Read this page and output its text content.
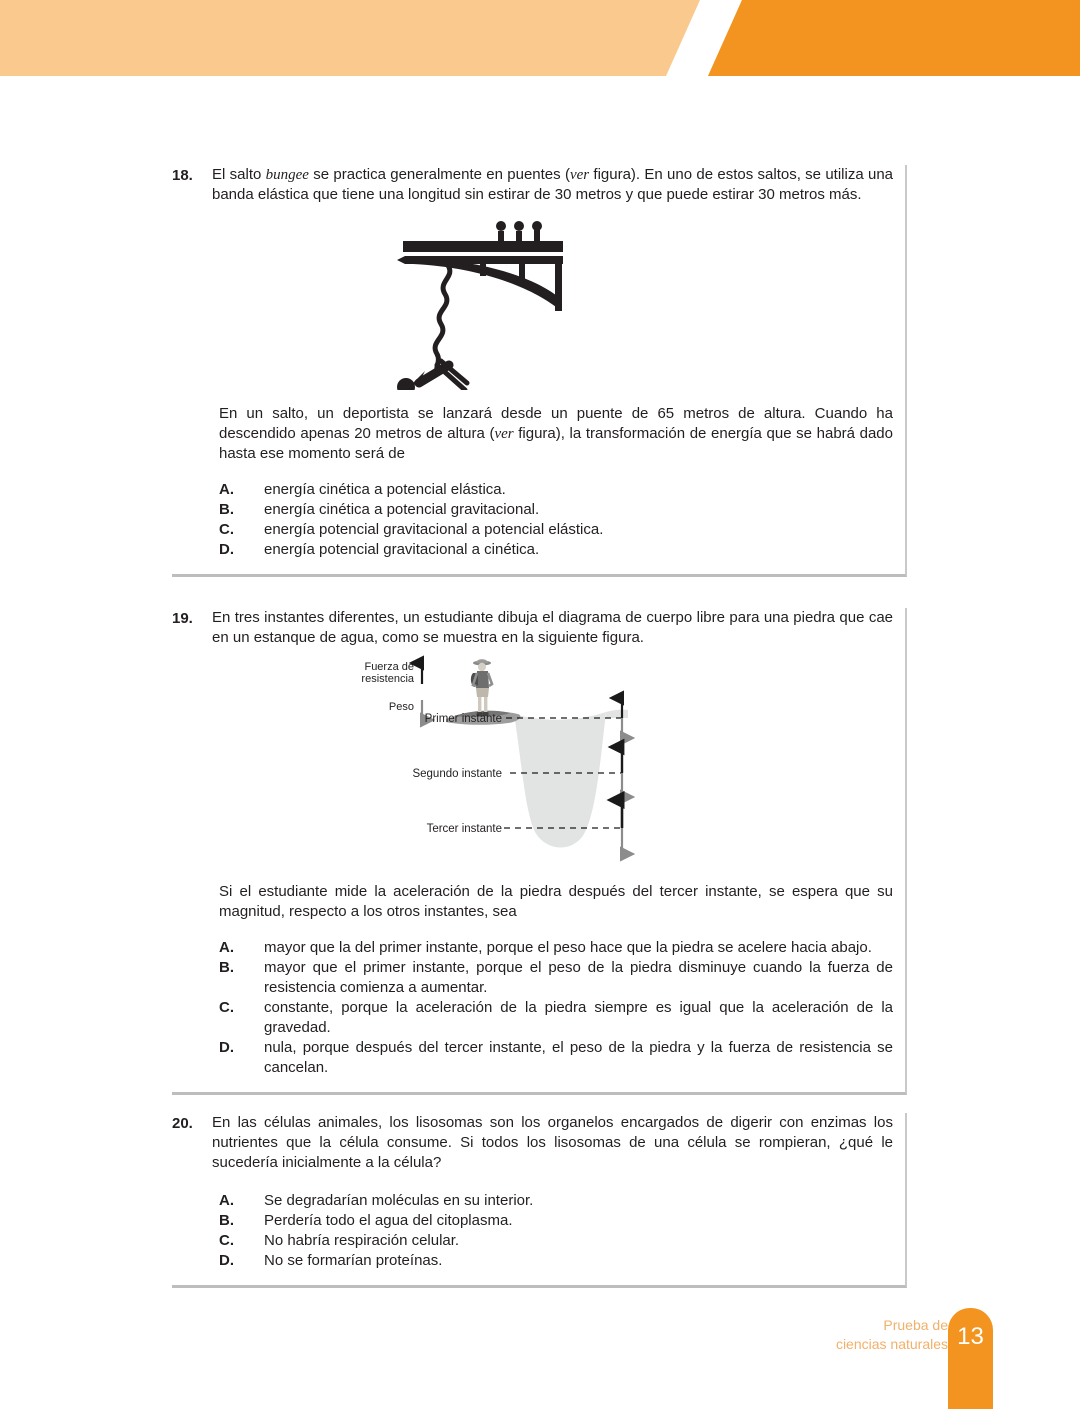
18.	El salto bungee se practica generalmente en puentes (ver figura). En uno de estos saltos, se utiliza una banda elástica que tiene una longitud sin estirar de 30 metros y que puede estirar 30 metros más.
En un salto, un deportista se lanzará desde un puente de 65 metros de altura. Cuando ha descendido apenas 20 metros de altura (ver figura), la transformación de energía que se habrá dado hasta ese momento será de
A.	energía cinética a potencial elástica.
B.	energía cinética a potencial gravitacional.
C.	energía potencial gravitacional a potencial elástica.
D.	energía potencial gravitacional a cinética.
19.	En tres instantes diferentes, un estudiante dibuja el diagrama de cuerpo libre para una piedra que cae en un estanque de agua, como se muestra en la siguiente figura.
Fuerza de
resistencia
Peso
Primer instante
Segundo instante
Tercer instante
Si el estudiante mide la aceleración de la piedra después del tercer instante, se espera que su magnitud, respecto a los otros instantes, sea
A.	mayor que la del primer instante, porque el peso hace que la piedra se acelere hacia abajo.
B.	mayor que el primer instante, porque el peso de la piedra disminuye cuando la fuerza de resistencia comienza a aumentar.
C.	constante, porque la aceleración de la piedra siempre es igual que la aceleración de la gravedad.
D.	nula, porque después del tercer instante, el peso de la piedra y la fuerza de resistencia se cancelan.
20.	En las células animales, los lisosomas son los organelos encargados de digerir con enzimas los nutrientes que la célula consume. Si todos los lisosomas de una célula se rompieran, ¿qué le sucedería inicialmente a la célula?
A.	Se degradarían moléculas en su interior.
B.	Perdería todo el agua del citoplasma.
C.	No habría respiración celular.
D.	No se formarían proteínas.
Prueba de
ciencias naturales 13
